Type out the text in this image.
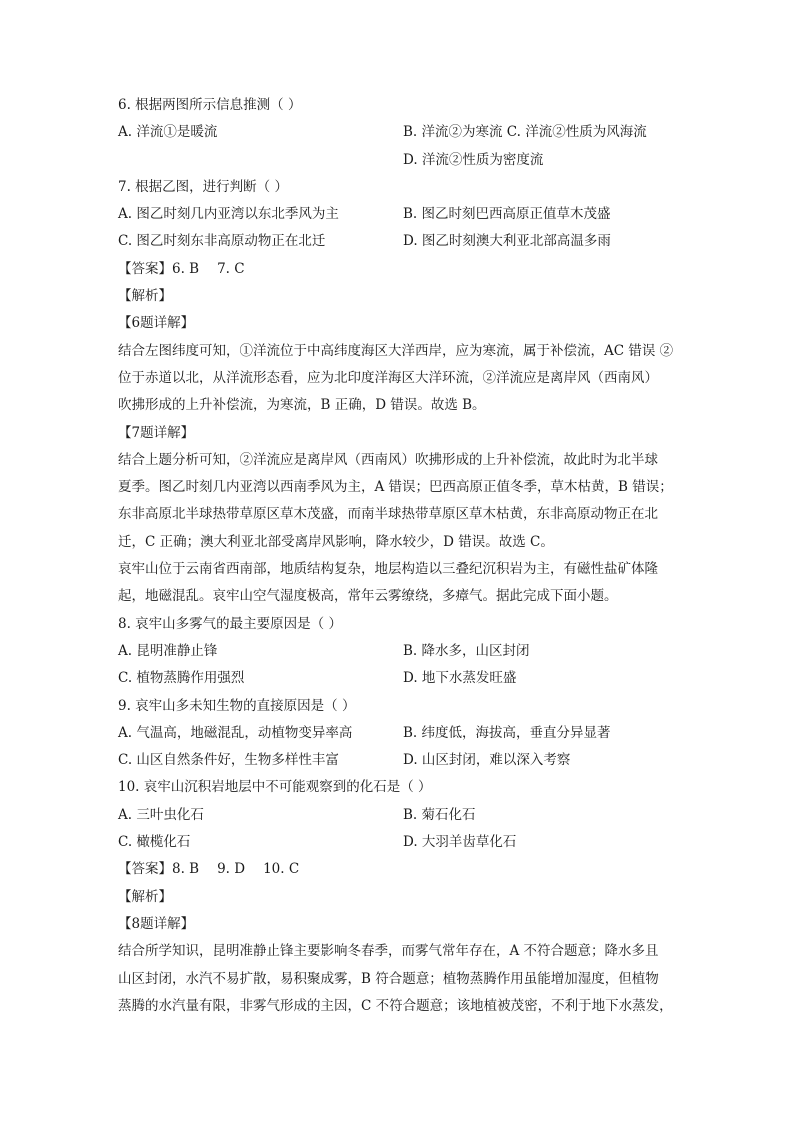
6. 根据两图所示信息推测（ ）
A. 洋流①是暖流	B. 洋流②为寒流 C. 洋流②性质为风海流
D. 洋流②性质为密度流
7. 根据乙图，进行判断（ ）
A. 图乙时刻几内亚湾以东北季风为主	B. 图乙时刻巴西高原正值草木茂盛
C. 图乙时刻东非高原动物正在北迁	D. 图乙时刻澳大利亚北部高温多雨
【答案】6. B 7. C
【解析】
【6题详解】
结合左图纬度可知，①洋流位于中高纬度海区大洋西岸，应为寒流，属于补偿流，AC 错误 ②
位于赤道以北，从洋流形态看，应为北印度洋海区大洋环流，②洋流应是离岸风（西南风）
吹拂形成的上升补偿流，为寒流，B 正确，D 错误。故选 B。
【7题详解】
结合上题分析可知，②洋流应是离岸风（西南风）吹拂形成的上升补偿流，故此时为北半球
夏季。图乙时刻几内亚湾以西南季风为主，A 错误；巴西高原正值冬季，草木枯黄，B 错误；
东非高原北半球热带草原区草木茂盛，而南半球热带草原区草木枯黄，东非高原动物正在北
迁，C 正确；澳大利亚北部受离岸风影响，降水较少，D 错误。故选 C。
哀牢山位于云南省西南部，地质结构复杂，地层构造以三叠纪沉积岩为主，有磁性盐矿体隆
起，地磁混乱。哀牢山空气湿度极高，常年云雾缭绕，多瘴气。据此完成下面小题。
8. 哀牢山多雾气的最主要原因是（ ）
A. 昆明准静止锋	B. 降水多，山区封闭
C. 植物蒸腾作用强烈	D. 地下水蒸发旺盛
9. 哀牢山多未知生物的直接原因是（ ）
A. 气温高，地磁混乱，动植物变异率高	B. 纬度低，海拔高，垂直分异显著
C. 山区自然条件好，生物多样性丰富	D. 山区封闭，难以深入考察
10. 哀牢山沉积岩地层中不可能观察到的化石是（ ）
A. 三叶虫化石	B. 菊石化石
C. 橄榄化石	D. 大羽羊齿草化石
【答案】8. B 9. D 10. C
【解析】
【8题详解】
结合所学知识，昆明准静止锋主要影响冬春季，而雾气常年存在，A 不符合题意；降水多且
山区封闭，水汽不易扩散，易积聚成雾，B 符合题意；植物蒸腾作用虽能增加湿度，但植物
蒸腾的水汽量有限，非雾气形成的主因，C 不符合题意；该地植被茂密，不利于地下水蒸发，
